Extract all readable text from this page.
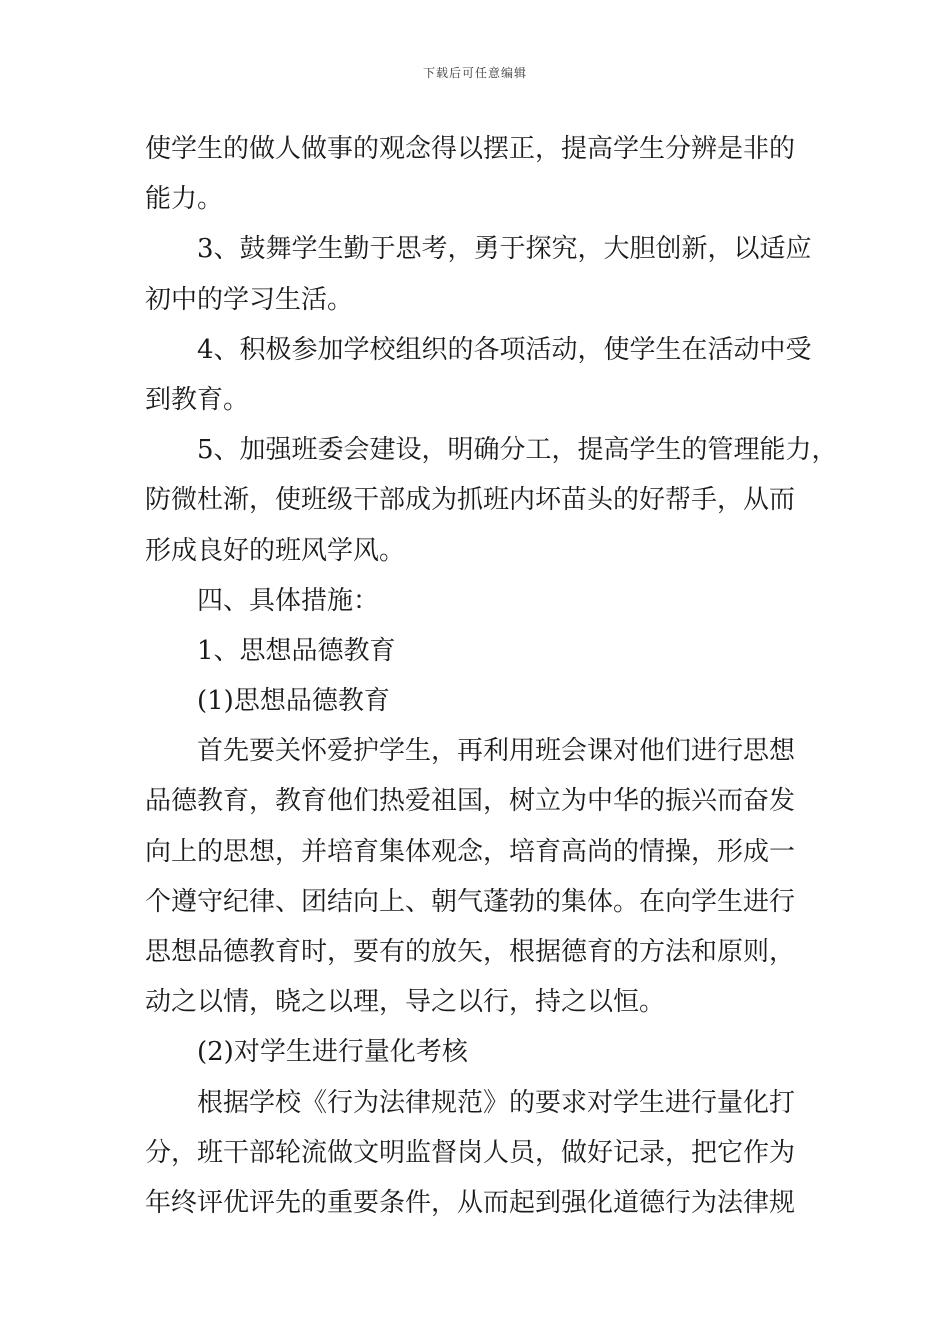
下载后可任意编辑
使学生的做人做事的观念得以摆正，提高学生分辨是非的
能力。
3、鼓舞学生勤于思考，勇于探究，大胆创新，以适应
初中的学习生活。
4、积极参加学校组织的各项活动，使学生在活动中受
到教育。
5、加强班委会建设，明确分工，提高学生的管理能力，
防微杜渐，使班级干部成为抓班内坏苗头的好帮手，从而
形成良好的班风学风。
四、具体措施：
1、思想品德教育
(1)思想品德教育
首先要关怀爱护学生，再利用班会课对他们进行思想
品德教育，教育他们热爱祖国，树立为中华的振兴而奋发
向上的思想，并培育集体观念，培育高尚的情操，形成一
个遵守纪律、团结向上、朝气蓬勃的集体。在向学生进行
思想品德教育时，要有的放矢，根据德育的方法和原则，
动之以情，晓之以理，导之以行，持之以恒。
(2)对学生进行量化考核
根据学校《行为法律规范》的要求对学生进行量化打
分，班干部轮流做文明监督岗人员，做好记录，把它作为
年终评优评先的重要条件，从而起到强化道德行为法律规
